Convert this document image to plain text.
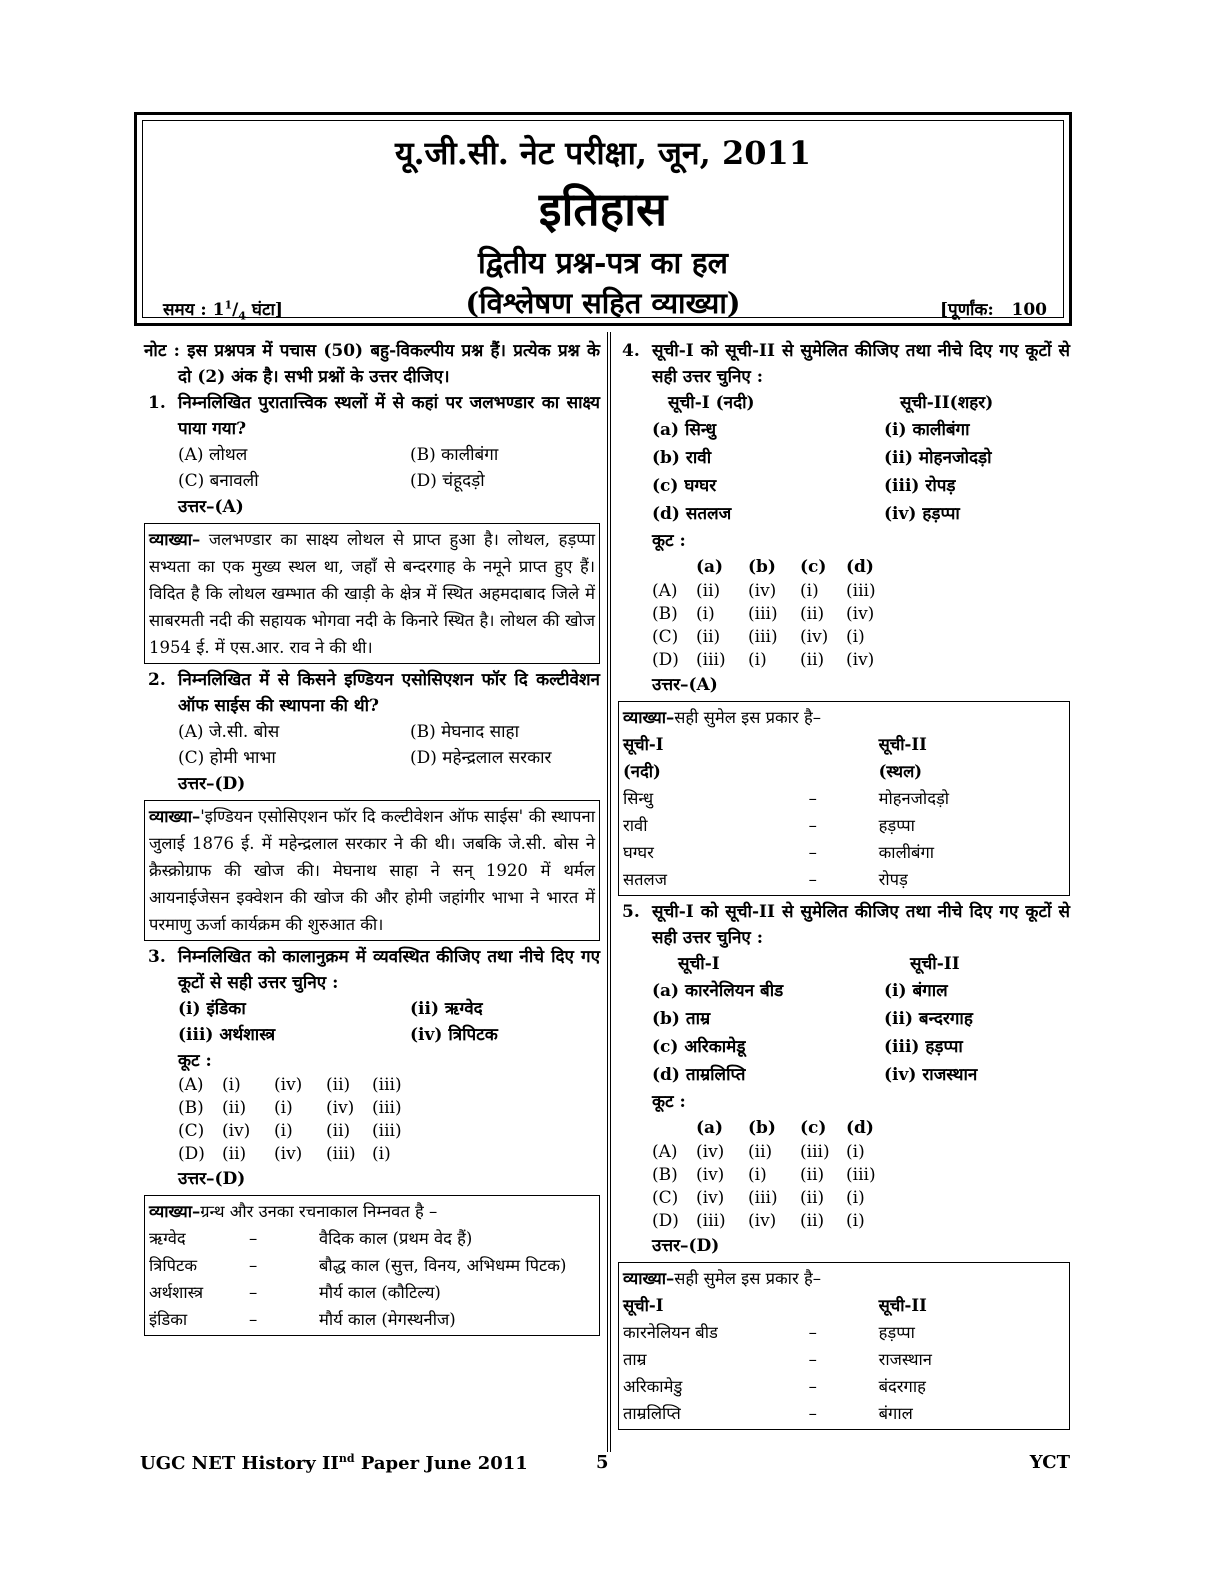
यू.जी.सी. नेट परीक्षा, जून, 2011
इतिहास
द्वितीय प्रश्न-पत्र का हल
(विश्लेषण सहित व्याख्या)
समय : $1^1/_4$ घंटा]	[पूर्णांक: 100
नोट : इस प्रश्नपत्र में पचास (50) बहु-विकल्पीय प्रश्न हैं। प्रत्येक प्रश्न के दो (2) अंक है। सभी प्रश्नों के उत्तर दीजिए।
1. निम्नलिखित पुरातात्त्विक स्थलों में से कहां पर जलभण्डार का साक्ष्य पाया गया?
(A) लोथल	(B) कालीबंगा
(C) बनावली	(D) चंहूदड़ो
उत्तर–(A)
व्याख्या– जलभण्डार का साक्ष्य लोथल से प्राप्त हुआ है। लोथल, हड़प्पा सभ्यता का एक मुख्य स्थल था, जहाँ से बन्दरगाह के नमूने प्राप्त हुए हैं। विदित है कि लोथल खम्भात की खाड़ी के क्षेत्र में स्थित अहमदाबाद जिले में साबरमती नदी की सहायक भोगवा नदी के किनारे स्थित है। लोथल की खोज 1954 ई. में एस.आर. राव ने की थी।
2. निम्नलिखित में से किसने इण्डियन एसोसिएशन फॉर दि कल्टीवेशन ऑफ साईस की स्थापना की थी?
(A) जे.सी. बोस	(B) मेघनाद साहा
(C) होमी भाभा	(D) महेन्द्रलाल सरकार
उत्तर–(D)
व्याख्या–'इण्डियन एसोसिएशन फॉर दि कल्टीवेशन ऑफ साईस' की स्थापना जुलाई 1876 ई. में महेन्द्रलाल सरकार ने की थी। जबकि जे.सी. बोस ने क्रैस्क्रोग्राफ की खोज की। मेघनाथ साहा ने सन् 1920 में थर्मल आयनाईजेसन इक्वेशन की खोज की और होमी जहांगीर भाभा ने भारत में परमाणु ऊर्जा कार्यक्रम की शुरुआत की।
3. निम्नलिखित को कालानुक्रम में व्यवस्थित कीजिए तथा नीचे दिए गए कूटों से सही उत्तर चुनिए :
(i) इंडिका	(ii) ऋग्वेद
(iii) अर्थशास्त्र	(iv) त्रिपिटक
कूट :
(A)	(i)	(iv)	(ii)	(iii)
(B)	(ii)	(i)	(iv)	(iii)
(C)	(iv)	(i)	(ii)	(iii)
(D)	(ii)	(iv)	(iii) (i)
उत्तर–(D)
व्याख्या–ग्रन्थ और उनका रचनाकाल निम्नवत है –
ऋग्वेद	–	वैदिक काल (प्रथम वेद हैं)
त्रिपिटक	–	बौद्ध काल (सुत्त, विनय, अभिधम्म पिटक)
अर्थशास्त्र	–	मौर्य काल (कौटिल्य)
इंडिका	–	मौर्य काल (मेगस्थनीज)
4. सूची-I को सूची-II से सुमेलित कीजिए तथा नीचे दिए गए कूटों से सही उत्तर चुनिए :
सूची-I (नदी)	सूची-II(शहर)
(a) सिन्धु	(i) कालीबंगा
(b) रावी	(ii) मोहनजोदड़ो
(c) घग्घर	(iii) रोपड़
(d) सतलज	(iv) हड़प्पा
कूट :
(a)	(b)	(c)	(d)
(A)	(ii)	(iv)	(i)	(iii)
(B)	(i)	(iii)	(ii)	(iv)
(C)	(ii)	(iii)	(iv)	(i)
(D)	(iii)	(i)	(ii)	(iv)
उत्तर–(A)
व्याख्या–सही सुमेल इस प्रकार है–
सूची-I		सूची-II
(नदी)		(स्थल)
सिन्धु	–	मोहनजोदड़ो
रावी	–	हड़प्पा
घग्घर	–	कालीबंगा
सतलज	–	रोपड़
5. सूची-I को सूची-II से सुमेलित कीजिए तथा नीचे दिए गए कूटों से सही उत्तर चुनिए :
सूची-I	सूची-II
(a) कारनेलियन बीड	(i) बंगाल
(b) ताम्र	(ii) बन्दरगाह
(c) अरिकामेडू	(iii) हड़प्पा
(d) ताम्रलिप्ति	(iv) राजस्थान
कूट :
(a)	(b)	(c)	(d)
(A)	(iv)	(ii)	(iii) (i)
(B)	(iv)	(i)	(ii)	(iii)
(C)	(iv)	(iii)	(ii)	(i)
(D)	(iii)	(iv)	(ii)	(i)
उत्तर–(D)
व्याख्या–सही सुमेल इस प्रकार है–
सूची-I		सूची-II
कारनेलियन बीड	–	हड़प्पा
ताम्र	–	राजस्थान
अरिकामेडु	–	बंदरगाह
ताम्रलिप्ति	–	बंगाल
UGC NET History IInd Paper June 2011	5	YCT
